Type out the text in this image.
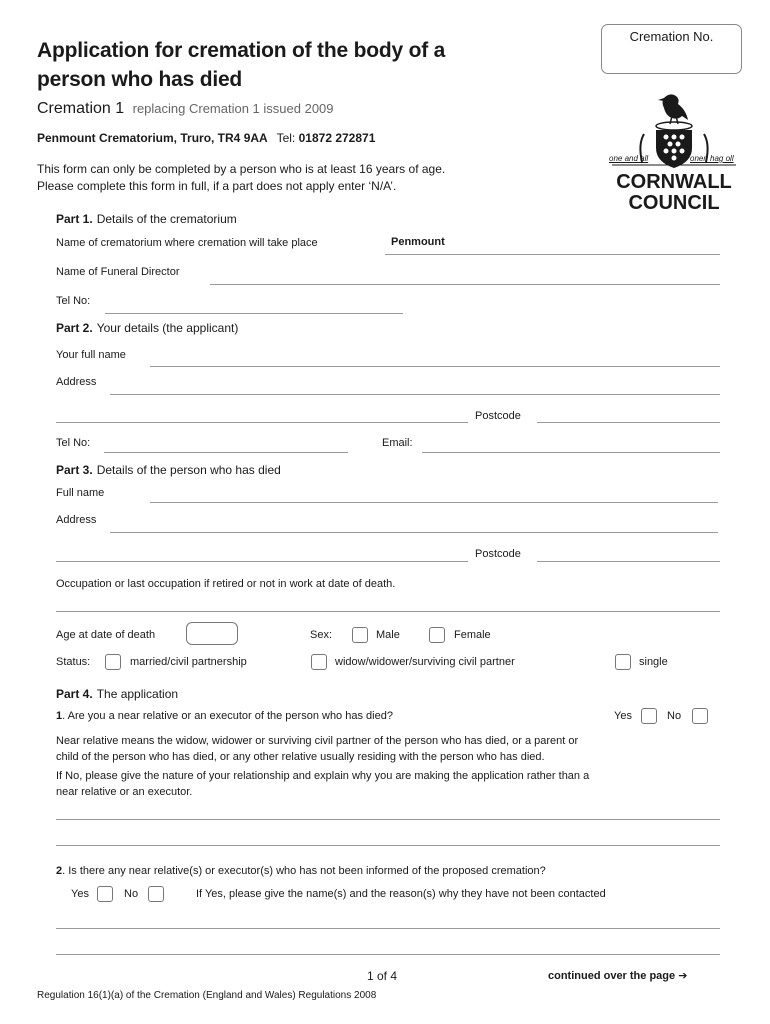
Application for cremation of the body of a person who has died
Cremation 1 replacing Cremation 1 issued 2009
Penmount Crematorium, Truro, TR4 9AA Tel: 01872 272871
This form can only be completed by a person who is at least 16 years of age.
Please complete this form in full, if a part does not apply enter ‘N/A’.
Cremation No.
one and all	onen hag oll
CORNWALL
COUNCIL
Part 1. Details of the crematorium
Name of crematorium where cremation will take place	Penmount
Name of Funeral Director
Tel No:
Part 2. Your details (the applicant)
Your full name
Address
Postcode
Tel No:	Email:
Part 3. Details of the person who has died
Full name
Address
Postcode
Occupation or last occupation if retired or not in work at date of death.
Age at date of death	Sex:	Male	Female
Status:	married/civil partnership	widow/widower/surviving civil partner	single
Part 4. The application
1. Are you a near relative or an executor of the person who has died?	Yes	No
Near relative means the widow, widower or surviving civil partner of the person who has died, or a parent or
child of the person who has died, or any other relative usually residing with the person who has died.
If No, please give the nature of your relationship and explain why you are making the application rather than a
near relative or an executor.
2. Is there any near relative(s) or executor(s) who has not been informed of the proposed cremation?
Yes	No	If Yes, please give the name(s) and the reason(s) why they have not been contacted
1 of 4	continued over the page ➔
Regulation 16(1)(a) of the Cremation (England and Wales) Regulations 2008
